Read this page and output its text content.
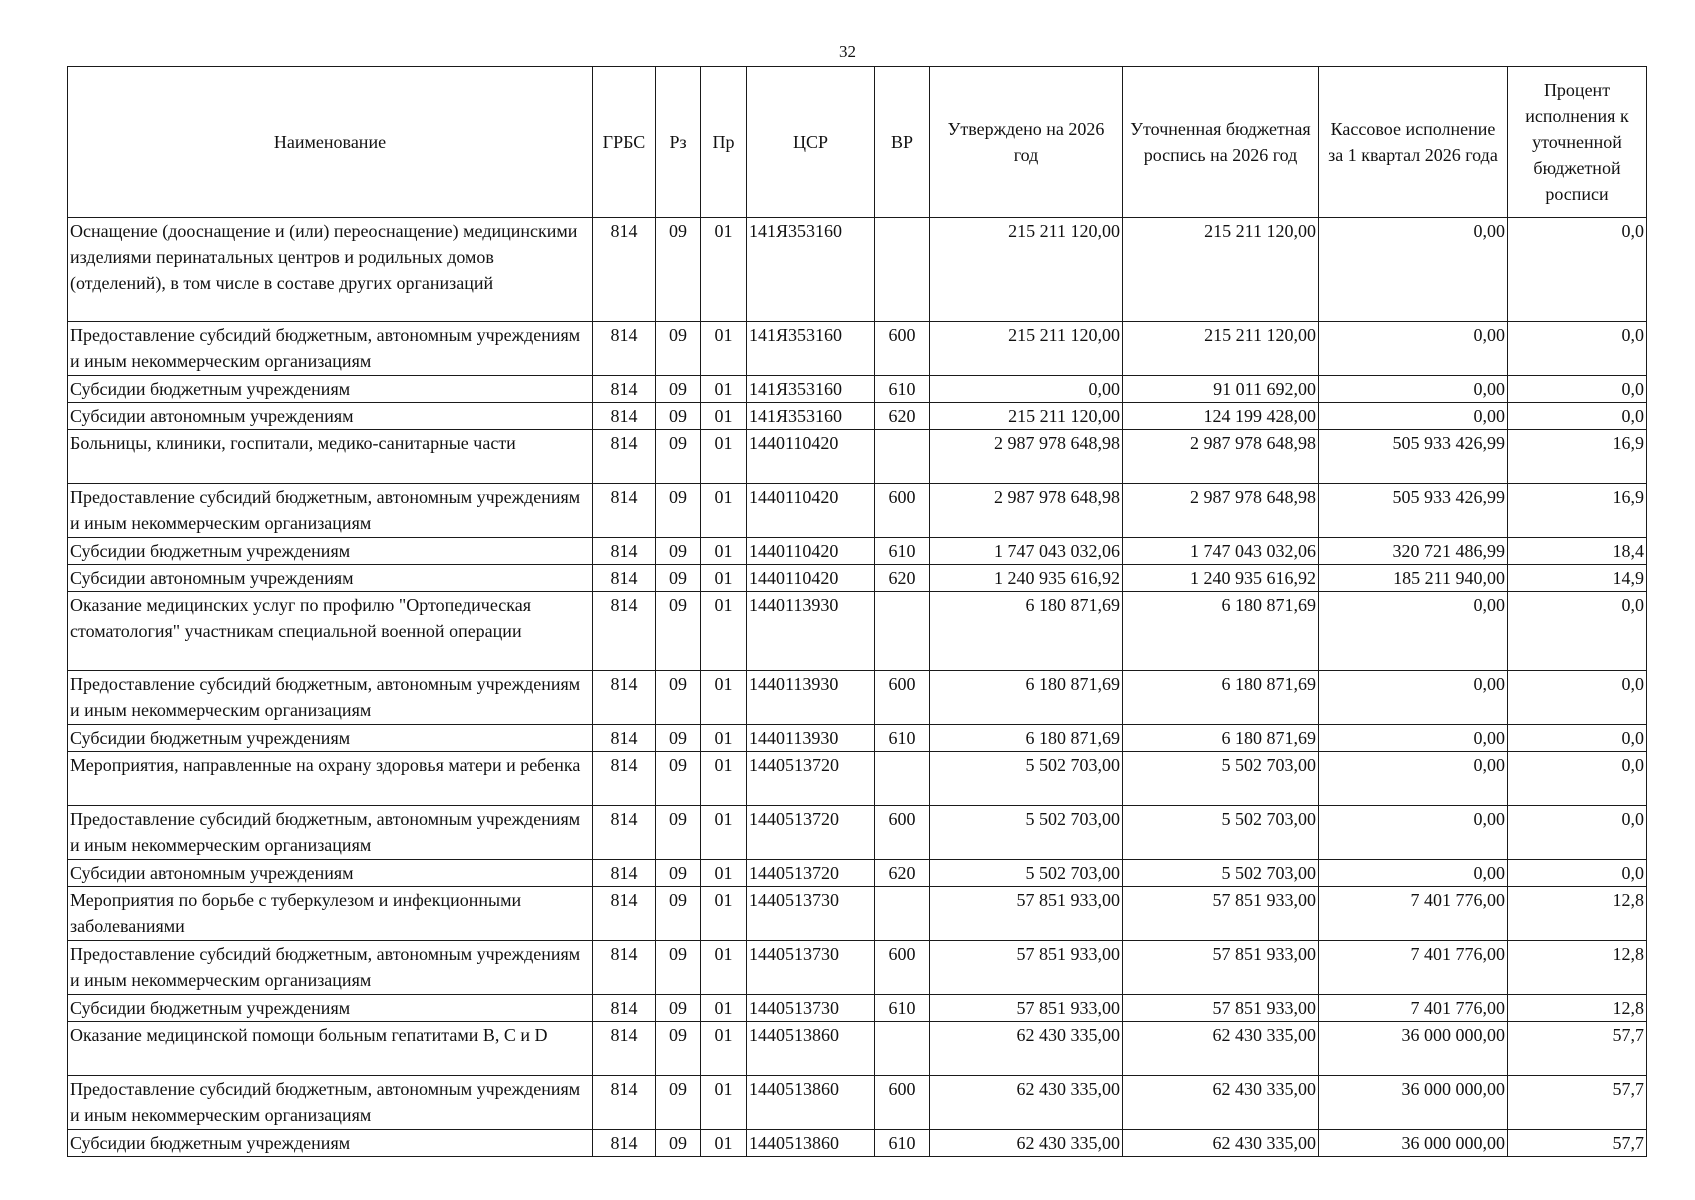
32
Наименование	ГРБС	Рз	Пр	ЦСР	ВР	Утверждено на 2026 год	Уточненная бюджетная роспись на 2026 год	Кассовое исполнение за 1 квартал 2026 года	Процент исполнения к уточненной бюджетной росписи
Оснащение (дооснащение и (или) переоснащение) медицинскими изделиями перинатальных центров и родильных домов (отделений), в том числе в составе других организаций	814	09	01	141Я353160		215 211 120,00	215 211 120,00	0,00	0,0
Предоставление субсидий бюджетным, автономным учреждениям и иным некоммерческим организациям	814	09	01	141Я353160	600	215 211 120,00	215 211 120,00	0,00	0,0
Субсидии бюджетным учреждениям	814	09	01	141Я353160	610	0,00	91 011 692,00	0,00	0,0
Субсидии автономным учреждениям	814	09	01	141Я353160	620	215 211 120,00	124 199 428,00	0,00	0,0
Больницы, клиники, госпитали, медико-санитарные части	814	09	01	1440110420		2 987 978 648,98	2 987 978 648,98	505 933 426,99	16,9
Предоставление субсидий бюджетным, автономным учреждениям и иным некоммерческим организациям	814	09	01	1440110420	600	2 987 978 648,98	2 987 978 648,98	505 933 426,99	16,9
Субсидии бюджетным учреждениям	814	09	01	1440110420	610	1 747 043 032,06	1 747 043 032,06	320 721 486,99	18,4
Субсидии автономным учреждениям	814	09	01	1440110420	620	1 240 935 616,92	1 240 935 616,92	185 211 940,00	14,9
Оказание медицинских услуг по профилю "Ортопедическая стоматология" участникам специальной военной операции	814	09	01	1440113930		6 180 871,69	6 180 871,69	0,00	0,0
Предоставление субсидий бюджетным, автономным учреждениям и иным некоммерческим организациям	814	09	01	1440113930	600	6 180 871,69	6 180 871,69	0,00	0,0
Субсидии бюджетным учреждениям	814	09	01	1440113930	610	6 180 871,69	6 180 871,69	0,00	0,0
Мероприятия, направленные на охрану здоровья матери и ребенка	814	09	01	1440513720		5 502 703,00	5 502 703,00	0,00	0,0
Предоставление субсидий бюджетным, автономным учреждениям и иным некоммерческим организациям	814	09	01	1440513720	600	5 502 703,00	5 502 703,00	0,00	0,0
Субсидии автономным учреждениям	814	09	01	1440513720	620	5 502 703,00	5 502 703,00	0,00	0,0
Мероприятия по борьбе с туберкулезом и инфекционными заболеваниями	814	09	01	1440513730		57 851 933,00	57 851 933,00	7 401 776,00	12,8
Предоставление субсидий бюджетным, автономным учреждениям и иным некоммерческим организациям	814	09	01	1440513730	600	57 851 933,00	57 851 933,00	7 401 776,00	12,8
Субсидии бюджетным учреждениям	814	09	01	1440513730	610	57 851 933,00	57 851 933,00	7 401 776,00	12,8
Оказание медицинской помощи больным гепатитами B, C и D	814	09	01	1440513860		62 430 335,00	62 430 335,00	36 000 000,00	57,7
Предоставление субсидий бюджетным, автономным учреждениям и иным некоммерческим организациям	814	09	01	1440513860	600	62 430 335,00	62 430 335,00	36 000 000,00	57,7
Субсидии бюджетным учреждениям	814	09	01	1440513860	610	62 430 335,00	62 430 335,00	36 000 000,00	57,7
